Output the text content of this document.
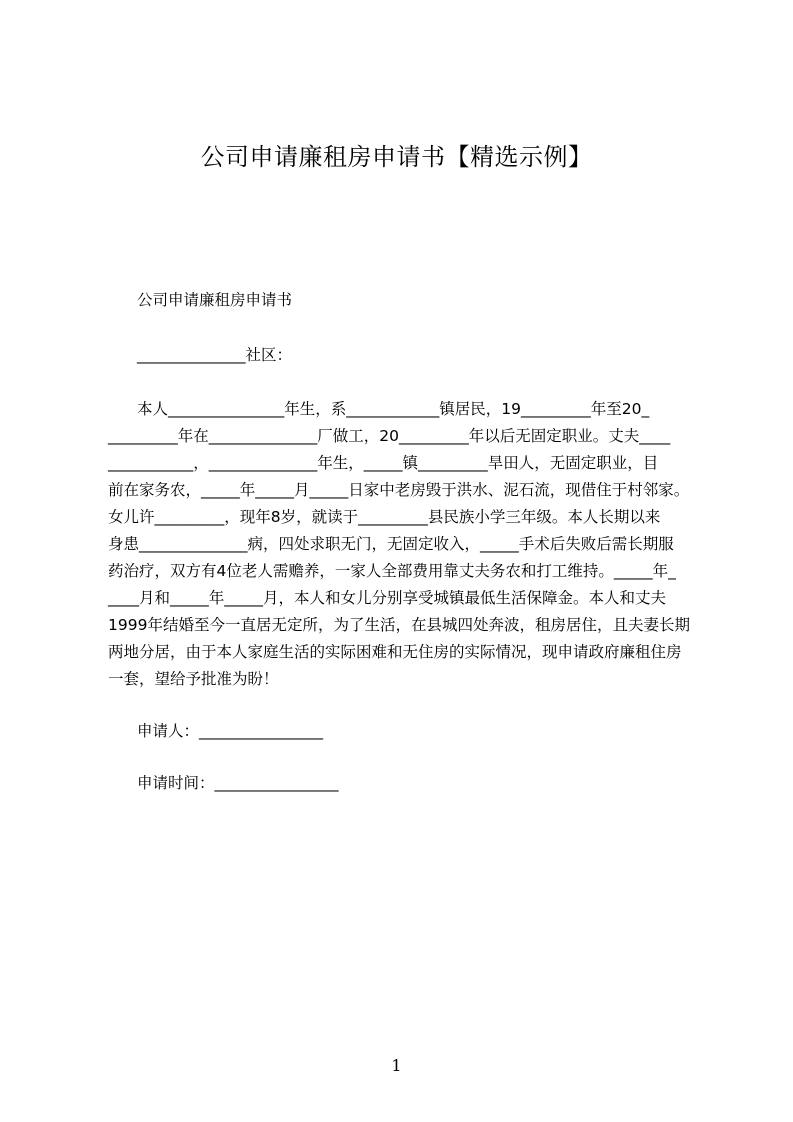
公司申请廉租房申请书【精选示例】
公司申请廉租房申请书
______________社区：
本人_______________年生，系____________镇居民，19_________年至20_
_________年在______________厂做工，20_________年以后无固定职业。丈夫____
___________，______________年生，_____镇_________旱田人，无固定职业，目
前在家务农，_____年_____月_____日家中老房毁于洪水、泥石流，现借住于村邻家。
女儿许_________，现年8岁，就读于_________县民族小学三年级。本人长期以来
身患______________病，四处求职无门，无固定收入，_____手术后失败后需长期服
药治疗，双方有4位老人需赡养，一家人全部费用靠丈夫务农和打工维持。_____年_
____月和_____年_____月，本人和女儿分别享受城镇最低生活保障金。本人和丈夫
1999年结婚至今一直居无定所，为了生活，在县城四处奔波，租房居住，且夫妻长期
两地分居，由于本人家庭生活的实际困难和无住房的实际情况，现申请政府廉租住房
一套，望给予批准为盼！
申请人：________________
申请时间：________________
1
